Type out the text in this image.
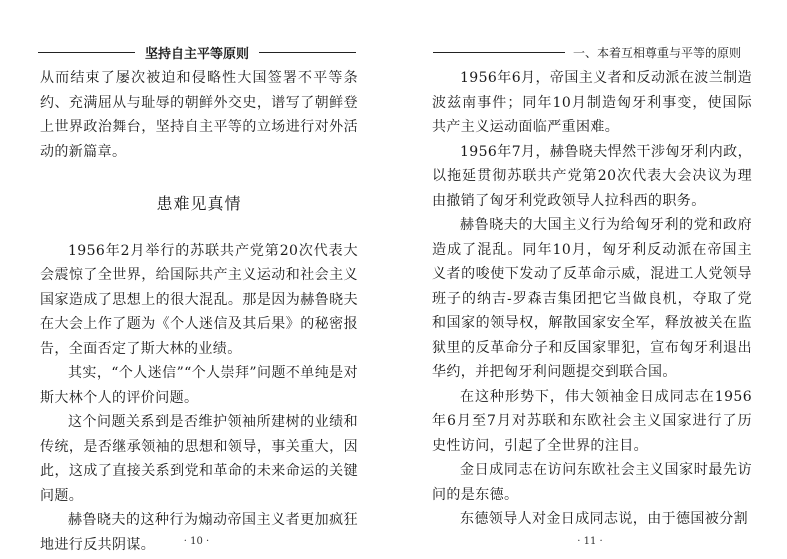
坚持自主平等原则

从而结束了屡次被迫和侵略性大国签署不平等条约、充满屈从与耻辱的朝鲜外交史，谱写了朝鲜登上世界政治舞台，坚持自主平等的立场进行对外活动的新篇章。

患难见真情

1956年2月举行的苏联共产党第20次代表大会震惊了全世界，给国际共产主义运动和社会主义国家造成了思想上的很大混乱。那是因为赫鲁晓夫在大会上作了题为《个人迷信及其后果》的秘密报告，全面否定了斯大林的业绩。

其实，“个人迷信”“个人崇拜”问题不单纯是对斯大林个人的评价问题。

这个问题关系到是否维护领袖所建树的业绩和传统，是否继承领袖的思想和领导，事关重大，因此，这成了直接关系到党和革命的未来命运的关键问题。

赫鲁晓夫的这种行为煽动帝国主义者更加疯狂地进行反共阴谋。	· 10 ·
一、本着互相尊重与平等的原则

1956年6月，帝国主义者和反动派在波兰制造波兹南事件；同年10月制造匈牙利事变，使国际共产主义运动面临严重困难。

1956年7月，赫鲁晓夫悍然干涉匈牙利内政，以拖延贯彻苏联共产党第20次代表大会决议为理由撤销了匈牙利党政领导人拉科西的职务。

赫鲁晓夫的大国主义行为给匈牙利的党和政府造成了混乱。同年10月，匈牙利反动派在帝国主义者的唆使下发动了反革命示威，混进工人党领导班子的纳吉-罗森吉集团把它当做良机，夺取了党和国家的领导权，解散国家安全军，释放被关在监狱里的反革命分子和反国家罪犯，宣布匈牙利退出华约，并把匈牙利问题提交到联合国。

在这种形势下，伟大领袖金日成同志在1956年6月至7月对苏联和东欧社会主义国家进行了历史性访问，引起了全世界的注目。

金日成同志在访问东欧社会主义国家时最先访问的是东德。

东德领导人对金日成同志说，由于德国被分割

· 11 ·
